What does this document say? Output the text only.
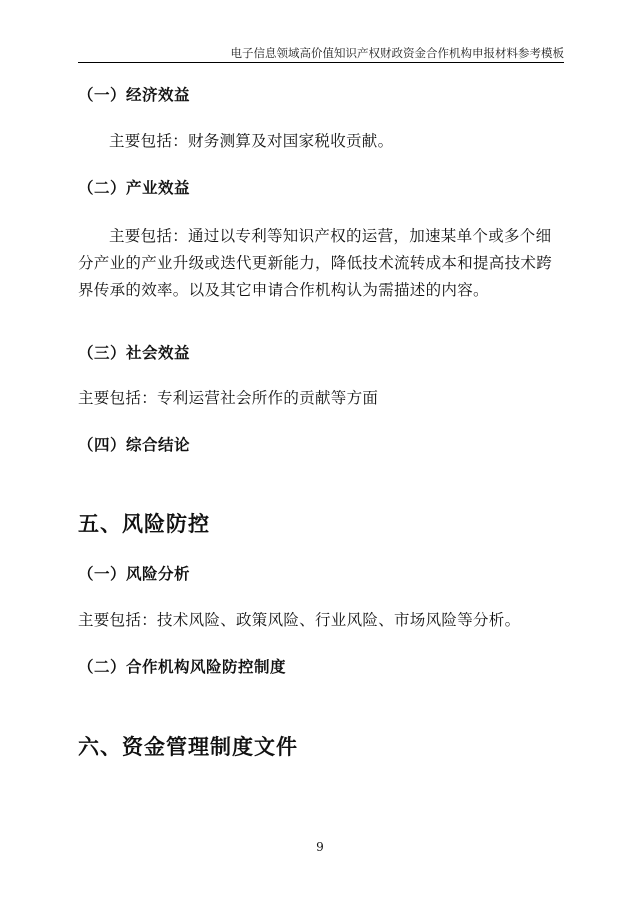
电子信息领域高价值知识产权财政资金合作机构申报材料参考模板
（一）经济效益
主要包括：财务测算及对国家税收贡献。
（二）产业效益
主要包括：通过以专利等知识产权的运营，加速某单个或多个细分产业的产业升级或迭代更新能力，降低技术流转成本和提高技术跨界传承的效率。以及其它申请合作机构认为需描述的内容。
（三）社会效益
主要包括：专利运营社会所作的贡献等方面
（四）综合结论
五、风险防控
（一）风险分析
主要包括：技术风险、政策风险、行业风险、市场风险等分析。
（二）合作机构风险防控制度
六、资金管理制度文件
9
